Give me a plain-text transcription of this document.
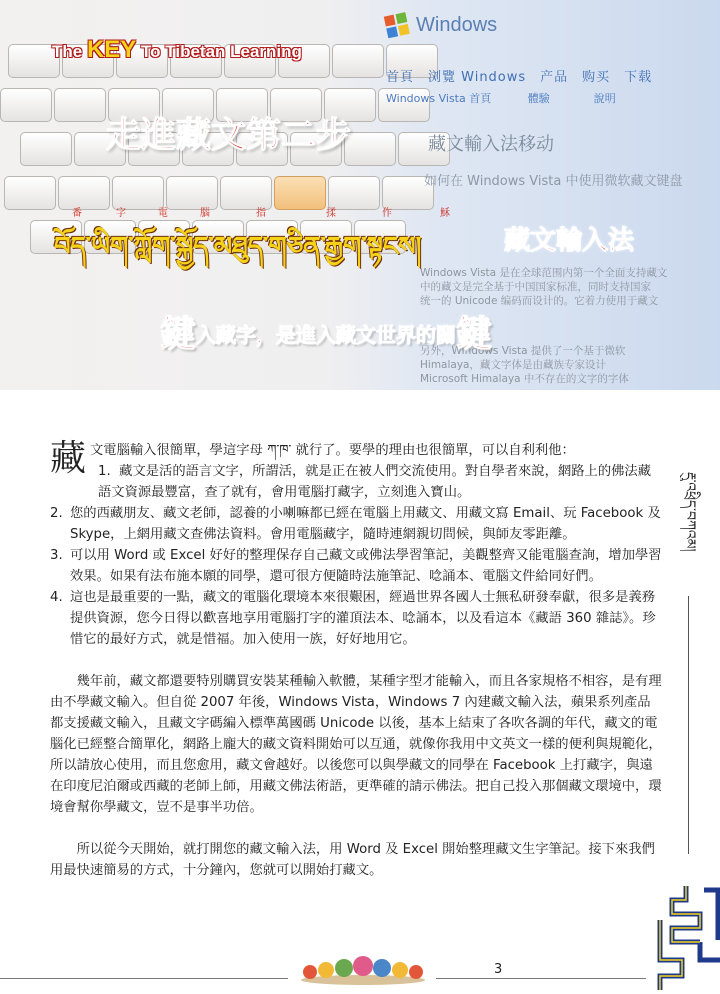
Windows
首頁　浏覽 Windows　产品　购买　下载
Windows Vista 首頁　　　 體驗　　　　說明
藏文輸入法移动
如何在 Windows Vista 中使用微软藏文键盘
Windows Vista 是在全球范围内第一个全面支持藏文
中的藏文是完全基于中国国家标准，同时支持国家
统一的 Unicode 编码而设计的。它着力使用于藏文
另外，Windows Vista 提供了一个基于微软
Himalaya，藏文字体是由藏族专家设计
Microsoft Himalaya 中不存在的文字的字体
The KEY To Tibetan Learning
走進藏文第二步
番	字	電	腦	指	揉	作	穌
བོད་ཡིག་ཀློག་སྐྱོད་མཐུད་གཅིན་རྒྱག་སྟངས།	藏文輸入法
鍵入藏字，是進入藏文世界的關鍵
藏 文電腦輸入很簡單，學這字母 ཀ་ཁ་ 就行了。要學的理由也很簡單，可以自利利他：

1. 藏文是活的語言文字，所謂活，就是正在被人們交流使用。對自學者來說，網路上的佛法藏語文資源最豐富，查了就有，會用電腦打藏字，立刻進入寶山。
2. 您的西藏朋友、藏文老師，認養的小喇嘛都已經在電腦上用藏文、用藏文寫 Email、玩 Facebook 及 Skype，上網用藏文查佛法資料。會用電腦藏字，隨時連網親切問候，與師友零距離。
3. 可以用 Word 或 Excel 好好的整理保存自己藏文或佛法學習筆記，美觀整齊又能電腦查詢，增加學習效果。如果有法布施本願的同學，還可很方便隨時法施筆記、唸誦本、電腦文件給同好們。
4. 這也是最重要的一點，藏文的電腦化環境本來很艱困，經過世界各國人士無私研發奉獻，很多是義務提供資源，您今日得以歡喜地享用電腦打字的灌頂法本、唸誦本，以及看這本《藏語 360 雜誌》。珍惜它的最好方式，就是惜福。加入使用一族，好好地用它。

幾年前，藏文都還要特別購買安裝某種輸入軟體，某種字型才能輸入，而且各家規格不相容，是有理由不學藏文輸入。但自從 2007 年後，Windows Vista，Windows 7 內建藏文輸入法，蘋果系列產品都支援藏文輸入，且藏文字碼編入標準萬國碼 Unicode 以後，基本上結束了各吹各調的年代，藏文的電腦化已經整合簡單化，網路上龐大的藏文資料開始可以互通，就像你我用中文英文一樣的便利與規範化，所以請放心使用，而且您愈用，藏文會越好。以後您可以與學藏文的同學在 Facebook 上打藏字，與遠在印度尼泊爾或西藏的老師上師，用藏文佛法術語，更準確的請示佛法。把自己投入那個藏文環境中，環境會幫你學藏文，豈不是事半功倍。

所以從今天開始，就打開您的藏文輸入法，用 Word 及 Excel 開始整理藏文生字筆記。接下來我們用最快速簡易的方式，十分鐘內，您就可以開始打藏文。

རྡུ་འཕྲིད་བཀའམ།
3
